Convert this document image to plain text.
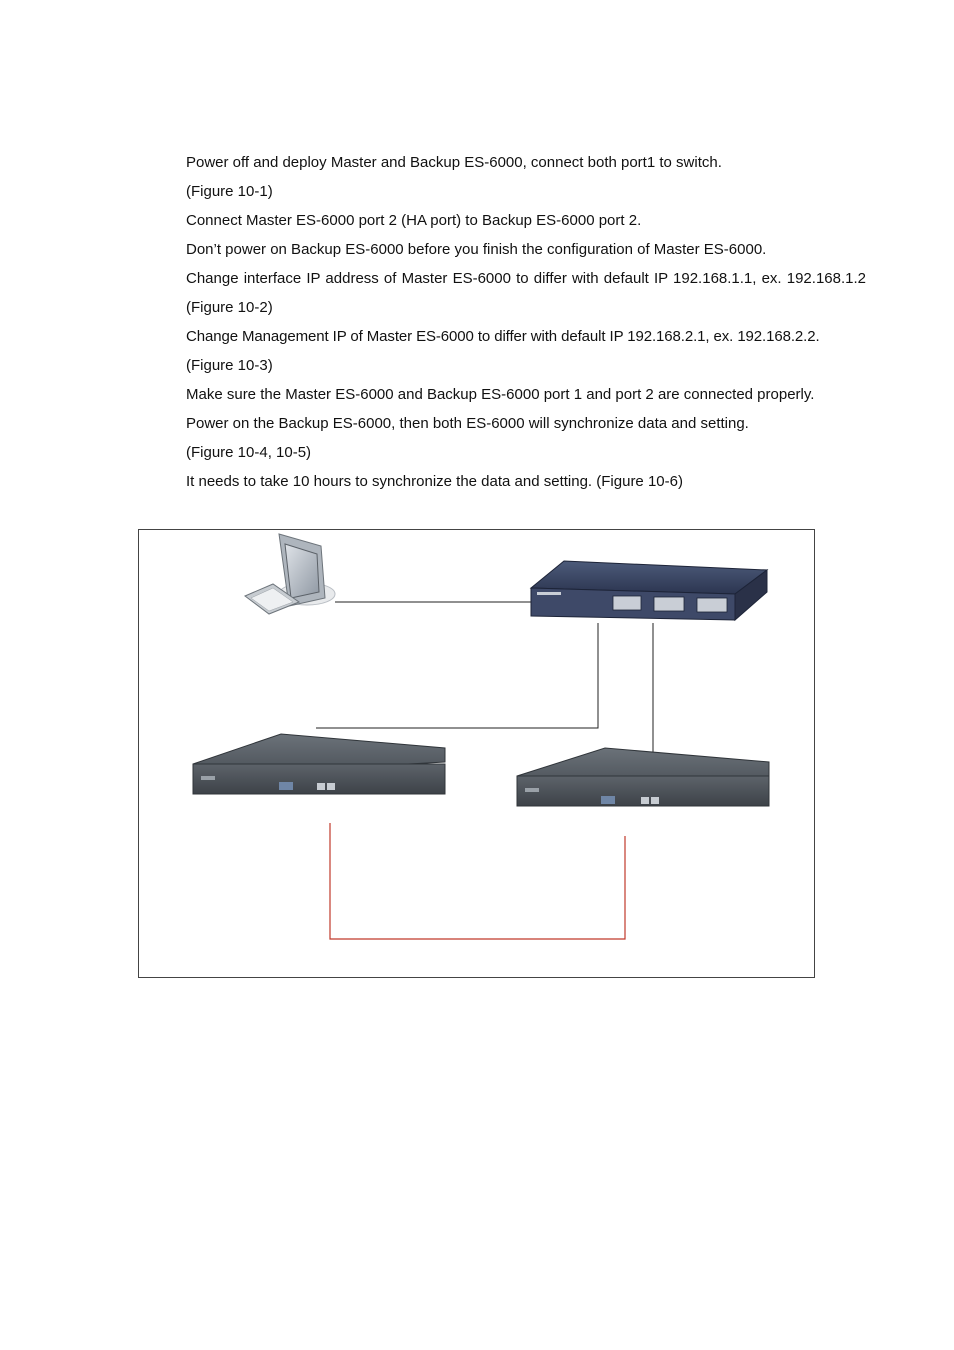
Power off and deploy Master and Backup ES-6000, connect both port1 to switch.
(Figure 10-1)
Connect Master ES-6000 port 2 (HA port) to Backup ES-6000 port 2.
Don’t power on Backup ES-6000 before you finish the configuration of Master ES-6000.
Change interface IP address of Master ES-6000 to differ with default IP 192.168.1.1, ex. 192.168.1.2 (Figure 10-2)
Change Management IP of Master ES-6000 to differ with default IP 192.168.2.1, ex. 192.168.2.2.
(Figure 10-3)
Make sure the Master ES-6000 and Backup ES-6000 port 1 and port 2 are connected properly.
Power on the Backup ES-6000, then both ES-6000 will synchronize data and setting.
(Figure 10-4, 10-5)
It needs to take 10 hours to synchronize the data and setting. (Figure 10-6)
